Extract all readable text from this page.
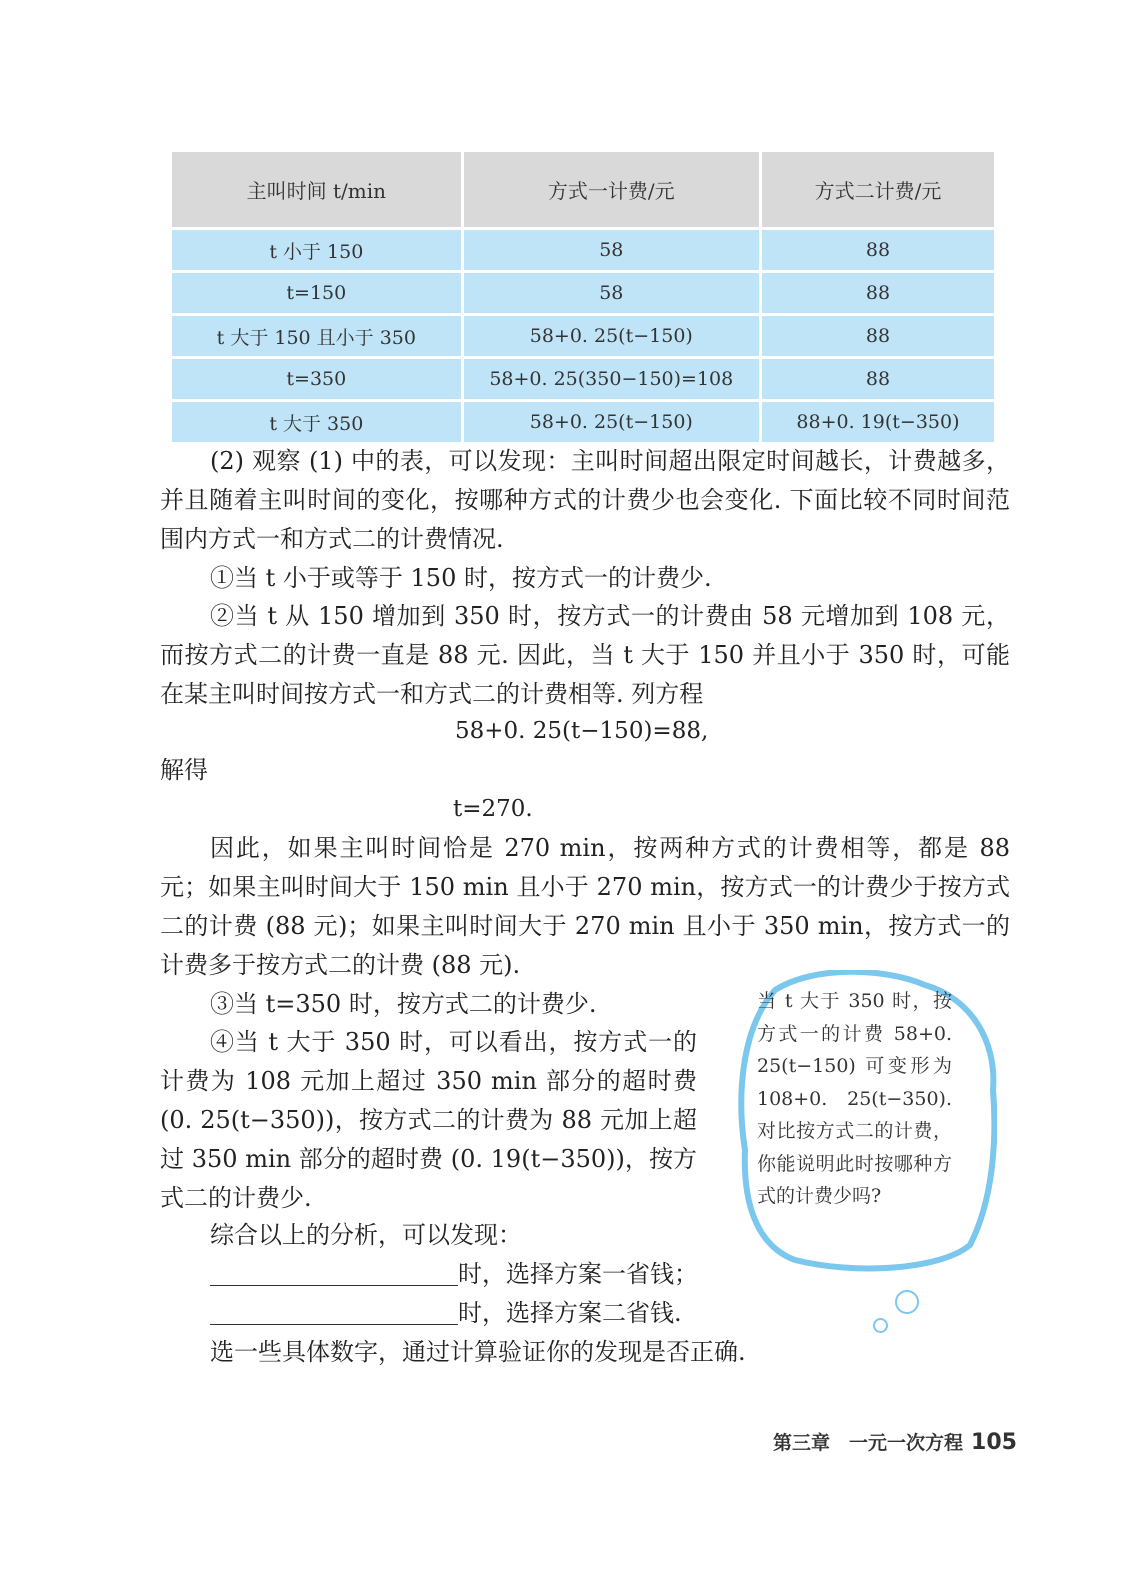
主叫时间 t/min	方式一计费/元	方式二计费/元
t 小于 150	58	88
t=150	58	88
t 大于 150 且小于 350	58+0. 25(t−150)	88
t=350	58+0. 25(350−150)=108	88
t 大于 350	58+0. 25(t−150)	88+0. 19(t−350)

(2) 观察 (1) 中的表，可以发现：主叫时间超出限定时间越长，计费越多，并且随着主叫时间的变化，按哪种方式的计费少也会变化. 下面比较不同时间范围内方式一和方式二的计费情况.

①当 t 小于或等于 150 时，按方式一的计费少.

②当 t 从 150 增加到 350 时，按方式一的计费由 58 元增加到 108 元，而按方式二的计费一直是 88 元. 因此，当 t 大于 150 并且小于 350 时，可能在某主叫时间按方式一和方式二的计费相等. 列方程

58+0. 25(t−150)=88,

解得

t=270.

因此，如果主叫时间恰是 270 min，按两种方式的计费相等，都是 88 元；如果主叫时间大于 150 min 且小于 270 min，按方式一的计费少于按方式二的计费 (88 元)；如果主叫时间大于 270 min 且小于 350 min，按方式一的计费多于按方式二的计费 (88 元).

③当 t=350 时，按方式二的计费少.

④当 t 大于 350 时，可以看出，按方式一的计费为 108 元加上超过 350 min 部分的超时费 (0. 25(t−350))，按方式二的计费为 88 元加上超过 350 min 部分的超时费 (0. 19(t−350))，按方式二的计费少.

综合以上的分析，可以发现：

时，选择方案一省钱；

时，选择方案二省钱.

选一些具体数字，通过计算验证你的发现是否正确.

当 t 大于 350 时，按方式一的计费 58+0. 25(t−150) 可变形为 108+0. 25(t−350). 对比按方式二的计费，你能说明此时按哪种方式的计费少吗?

第三章　一元一次方程 105
